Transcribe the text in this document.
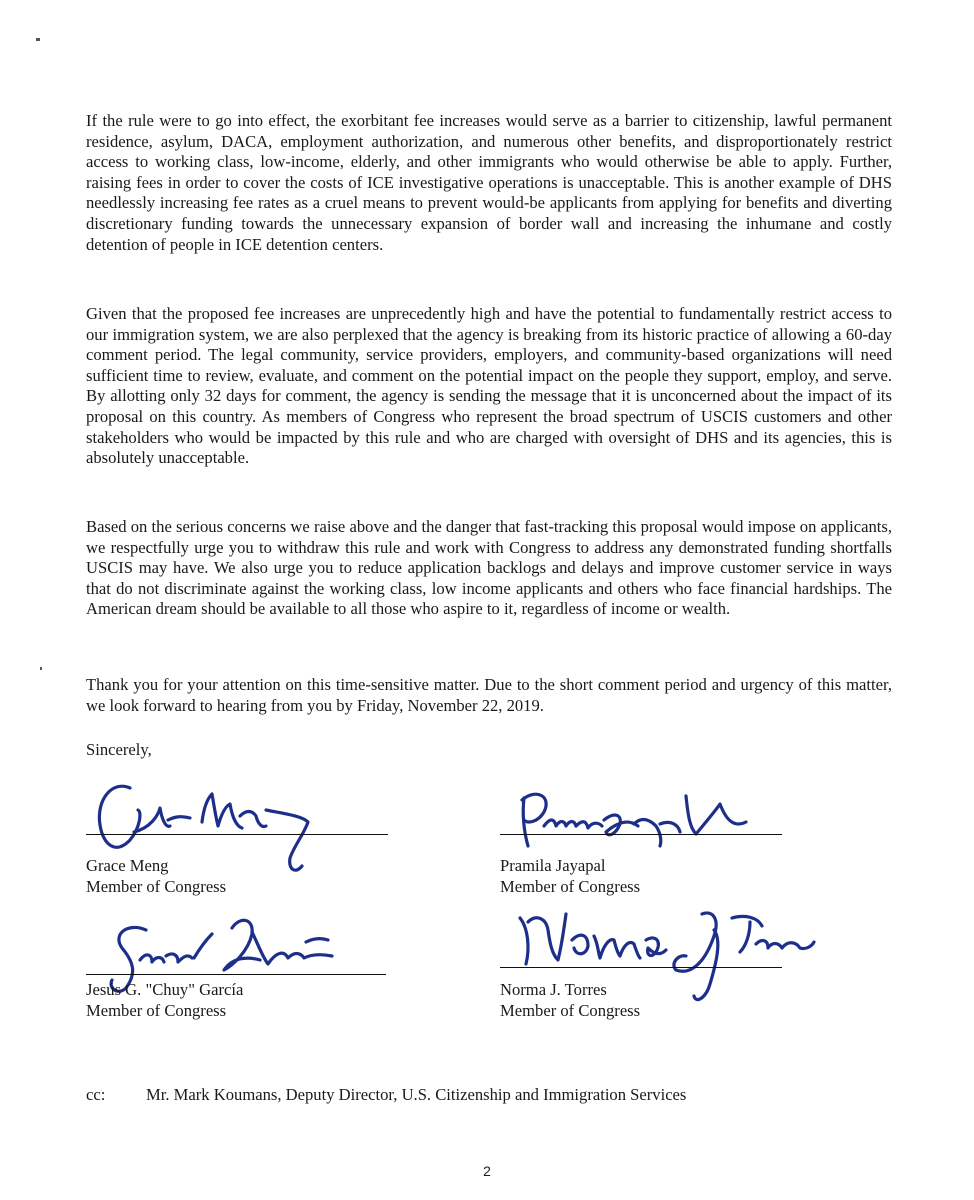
If the rule were to go into effect, the exorbitant fee increases would serve as a barrier to citizenship, lawful permanent residence, asylum, DACA, employment authorization, and numerous other benefits, and disproportionately restrict access to working class, low-income, elderly, and other immigrants who would otherwise be able to apply. Further, raising fees in order to cover the costs of ICE investigative operations is unacceptable. This is another example of DHS needlessly increasing fee rates as a cruel means to prevent would-be applicants from applying for benefits and diverting discretionary funding towards the unnecessary expansion of border wall and increasing the inhumane and costly detention of people in ICE detention centers.

Given that the proposed fee increases are unprecedently high and have the potential to fundamentally restrict access to our immigration system, we are also perplexed that the agency is breaking from its historic practice of allowing a 60-day comment period. The legal community, service providers, employers, and community-based organizations will need sufficient time to review, evaluate, and comment on the potential impact on the people they support, employ, and serve. By allotting only 32 days for comment, the agency is sending the message that it is unconcerned about the impact of its proposal on this country. As members of Congress who represent the broad spectrum of USCIS customers and other stakeholders who would be impacted by this rule and who are charged with oversight of DHS and its agencies, this is absolutely unacceptable.

Based on the serious concerns we raise above and the danger that fast-tracking this proposal would impose on applicants, we respectfully urge you to withdraw this rule and work with Congress to address any demonstrated funding shortfalls USCIS may have. We also urge you to reduce application backlogs and delays and improve customer service in ways that do not discriminate against the working class, low income applicants and others who face financial hardships. The American dream should be available to all those who aspire to it, regardless of income or wealth.

Thank you for your attention on this time-sensitive matter. Due to the short comment period and urgency of this matter, we look forward to hearing from you by Friday, November 22, 2019.

Sincerely,

Grace Meng
Member of Congress
Pramila Jayapal
Member of Congress
Jesús G. "Chuy" García
Member of Congress
Norma J. Torres
Member of Congress
cc: Mr. Mark Koumans, Deputy Director, U.S. Citizenship and Immigration Services
2
